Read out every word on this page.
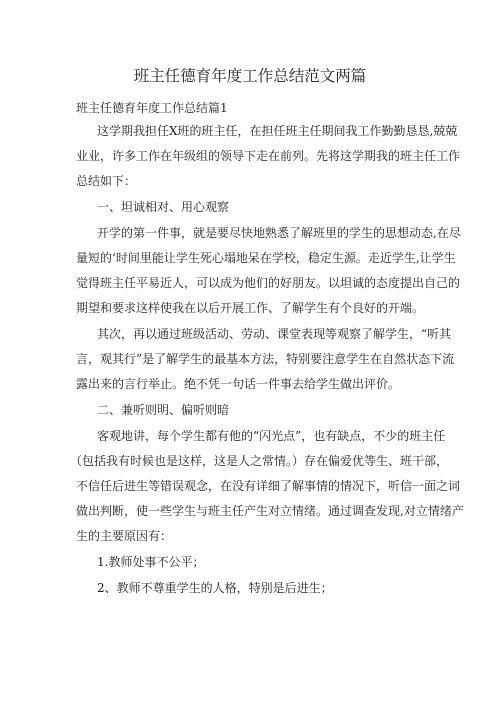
班主任德育年度工作总结范文两篇
班主任德育年度工作总结篇1
这学期我担任X班的班主任，在担任班主任期间我工作勤勤恳恳,兢兢
业业，许多工作在年级组的领导下走在前列。先将这学期我的班主任工作
总结如下：
一、坦诚相对、用心观察
开学的第一件事，就是要尽快地熟悉了解班里的学生的思想动态,在尽
量短的‘时间里能让学生死心塌地呆在学校，稳定生源。走近学生,让学生
觉得班主任平易近人，可以成为他们的好朋友。以坦诚的态度提出自己的
期望和要求这样使我在以后开展工作、了解学生有个良好的开端。
其次，再以通过班级活动、劳动、课堂表现等观察了解学生，“听其
言，观其行”是了解学生的最基本方法，特别要注意学生在自然状态下流
露出来的言行举止。绝不凭一句话一件事去给学生做出评价。
二、兼听则明、偏听则暗
客观地讲，每个学生都有他的“闪光点”，也有缺点，不少的班主任
（包括我有时候也是这样，这是人之常情。）存在偏爱优等生、班干部，
不信任后进生等错误观念，在没有详细了解事情的情况下，听信一面之词
做出判断，使一些学生与班主任产生对立情绪。通过调查发现,对立情绪产
生的主要原因有：
1.教师处事不公平；
2、教师不尊重学生的人格，特别是后进生；
